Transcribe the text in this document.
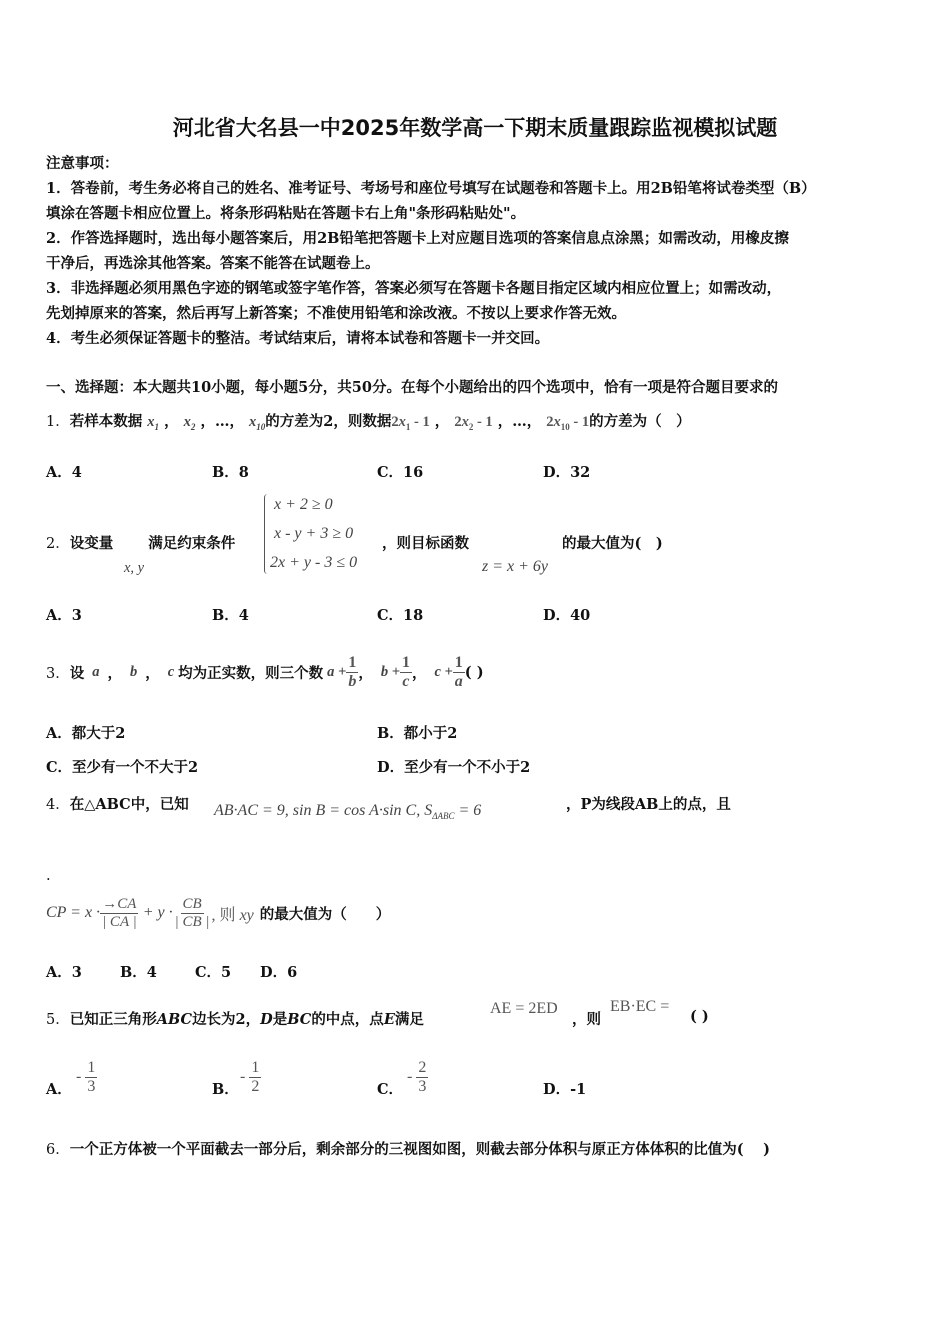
河北省大名县一中2025年数学高一下期末质量跟踪监视模拟试题
注意事项：
1．答卷前，考生务必将自己的姓名、准考证号、考场号和座位号填写在试题卷和答题卡上。用2B铅笔将试卷类型（B）
填涂在答题卡相应位置上。将条形码粘贴在答题卡右上角"条形码粘贴处"。
2．作答选择题时，选出每小题答案后，用2B铅笔把答题卡上对应题目选项的答案信息点涂黑；如需改动，用橡皮擦
干净后，再选涂其他答案。答案不能答在试题卷上。
3．非选择题必须用黑色字迹的钢笔或签字笔作答，答案必须写在答题卡各题目指定区域内相应位置上；如需改动，
先划掉原来的答案，然后再写上新答案；不准使用铅笔和涂改液。不按以上要求作答无效。
4．考生必须保证答题卡的整洁。考试结束后，请将本试卷和答题卡一并交回。
一、选择题：本大题共10小题，每小题5分，共50分。在每个小题给出的四个选项中，恰有一项是符合题目要求的
1．若样本数据 $x_1$ ， $x_2$ ，…， $x_{10}$的方差为2，则数据$2x_1 - 1$ ， $2x_2 - 1$ ，…， $2x_{10} - 1$的方差为（　）
A．4	B．8	C．16	D．32
2．设变量 满足约束条件
x, y
x + 2 ≥ 0
x - y + 3 ≥ 0
2x + y - 3 ≤ 0
，则目标函数
z = x + 6y
的最大值为(　)
A．3	B．4	C．18	D．40
3． 设 a ， b ， c 均为正实数，则三个数 $a + \frac{1}{b}$ ， $b + \frac{1}{c}$ ， $c + \frac{1}{a}$ ( )
A．都大于2	B．都小于2
C．至少有一个不大于2	D．至少有一个不小于2
4．在△ABC中，已知 AB·AC = 9, sin B = cos A·sin C, $S_{\Delta ABC} = 6$	，P为线段AB上的点，且
.
CP = $x \cdot \frac{\to CA}{| CA |} + y \cdot \frac{CB}{| CB |}$ , 则 xy 的最大值为（　　）
A．3	B．4	C．5 D．6
5．已知正三角形ABC边长为2，D是BC的中点，点E满足
AE = 2ED
，则
EB·EC =
( )
A．
- $\frac{1}{3}$	B．
- $\frac{1}{2}$	C．
- $\frac{2}{3}$	D．-1
6．一个正方体被一个平面截去一部分后，剩余部分的三视图如图，则截去部分体积与原正方体体积的比值为(　 )
